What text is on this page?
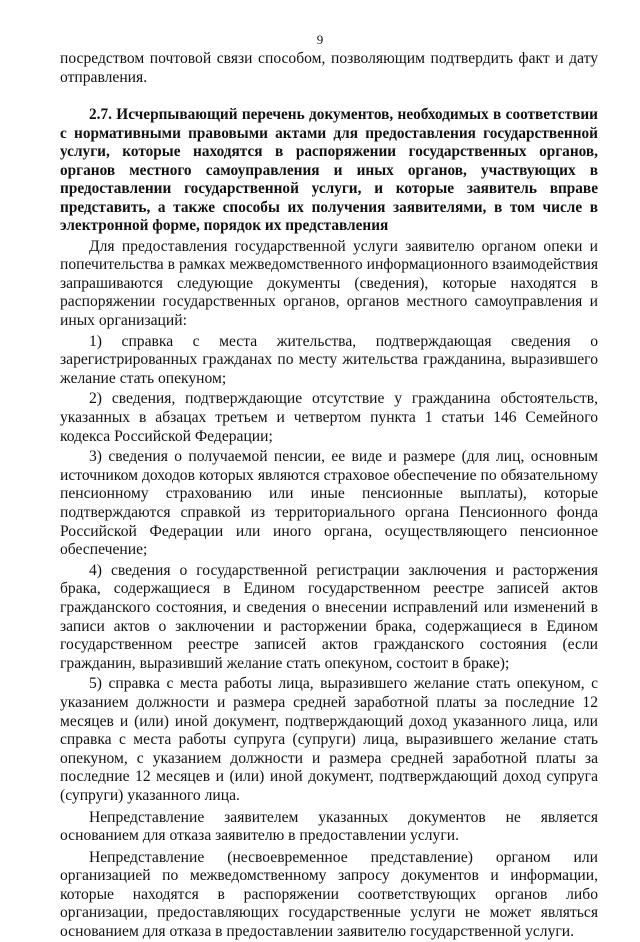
9

посредством почтовой связи способом, позволяющим подтвердить факт и дату отправления.

2.7. Исчерпывающий перечень документов, необходимых в соответствии с нормативными правовыми актами для предоставления государственной услуги, которые находятся в распоряжении государственных органов, органов местного самоуправления и иных органов, участвующих в предоставлении государственной услуги, и которые заявитель вправе представить, а также способы их получения заявителями, в том числе в электронной форме, порядок их представления

Для предоставления государственной услуги заявителю органом опеки и попечительства в рамках межведомственного информационного взаимодействия запрашиваются следующие документы (сведения), которые находятся в распоряжении государственных органов, органов местного самоуправления и иных организаций:

1) справка с места жительства, подтверждающая сведения о зарегистрированных гражданах по месту жительства гражданина, выразившего желание стать опекуном;

2) сведения, подтверждающие отсутствие у гражданина обстоятельств, указанных в абзацах третьем и четвертом пункта 1 статьи 146 Семейного кодекса Российской Федерации;

3) сведения о получаемой пенсии, ее виде и размере (для лиц, основным источником доходов которых являются страховое обеспечение по обязательному пенсионному страхованию или иные пенсионные выплаты), которые подтверждаются справкой из территориального органа Пенсионного фонда Российской Федерации или иного органа, осуществляющего пенсионное обеспечение;

4) сведения о государственной регистрации заключения и расторжения брака, содержащиеся в Едином государственном реестре записей актов гражданского состояния, и сведения о внесении исправлений или изменений в записи актов о заключении и расторжении брака, содержащиеся в Едином государственном реестре записей актов гражданского состояния (если гражданин, выразивший желание стать опекуном, состоит в браке);

5) справка с места работы лица, выразившего желание стать опекуном, с указанием должности и размера средней заработной платы за последние 12 месяцев и (или) иной документ, подтверждающий доход указанного лица, или справка с места работы супруга (супруги) лица, выразившего желание стать опекуном, с указанием должности и размера средней заработной платы за последние 12 месяцев и (или) иной документ, подтверждающий доход супруга (супруги) указанного лица.

Непредставление заявителем указанных документов не является основанием для отказа заявителю в предоставлении услуги.

Непредставление (несвоевременное представление) органом или организацией по межведомственному запросу документов и информации, которые находятся в распоряжении соответствующих органов либо организации, предоставляющих государственные услуги не может являться основанием для отказа в предоставлении заявителю государственной услуги.
